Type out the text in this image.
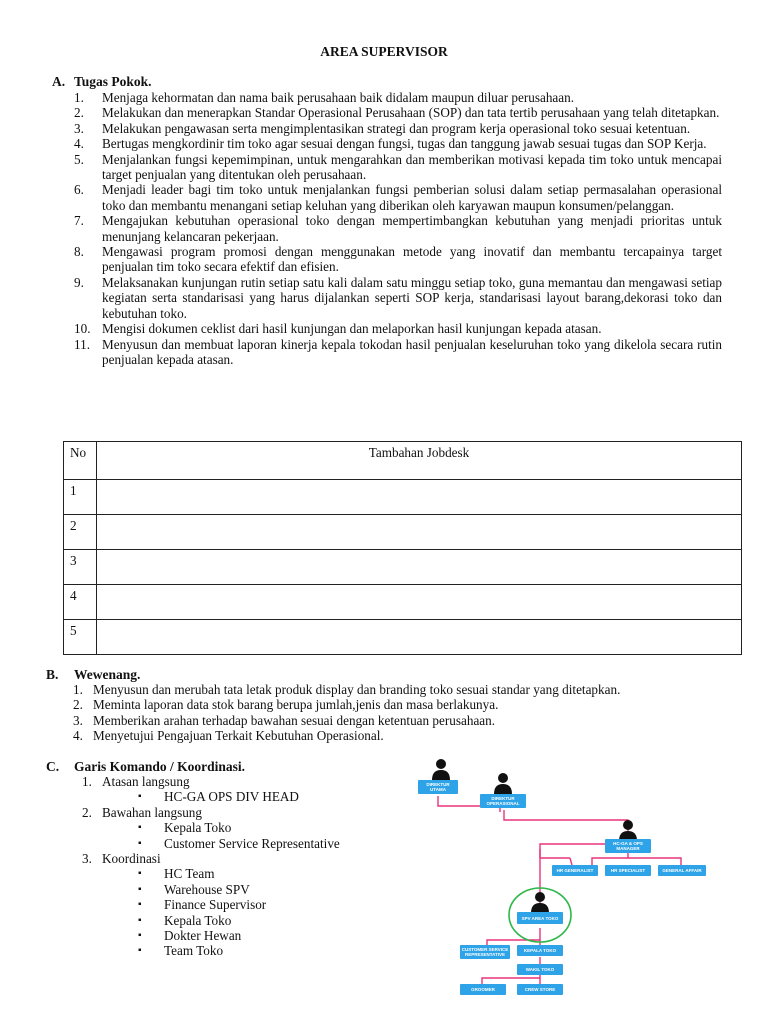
AREA SUPERVISOR
A. Tugas Pokok.
1. Menjaga kehormatan dan nama baik perusahaan baik didalam maupun diluar perusahaan.
2. Melakukan dan menerapkan Standar Operasional Perusahaan (SOP) dan tata tertib perusahaan yang telah ditetapkan.
3. Melakukan pengawasan serta mengimplentasikan strategi dan program kerja operasional toko sesuai ketentuan.
4. Bertugas mengkordinir tim toko agar sesuai dengan fungsi, tugas dan tanggung jawab sesuai tugas dan SOP Kerja.
5. Menjalankan fungsi kepemimpinan, untuk mengarahkan dan memberikan motivasi kepada tim toko untuk mencapai target penjualan yang ditentukan oleh perusahaan.
6. Menjadi leader bagi tim toko untuk menjalankan fungsi pemberian solusi dalam setiap permasalahan operasional toko dan membantu menangani setiap keluhan yang diberikan oleh karyawan maupun konsumen/pelanggan.
7. Mengajukan kebutuhan operasional toko dengan mempertimbangkan kebutuhan yang menjadi prioritas untuk menunjang kelancaran pekerjaan.
8. Mengawasi program promosi dengan menggunakan metode yang inovatif dan membantu tercapainya target penjualan tim toko secara efektif dan efisien.
9. Melaksanakan kunjungan rutin setiap satu kali dalam satu minggu setiap toko, guna memantau dan mengawasi setiap kegiatan serta standarisasi yang harus dijalankan seperti SOP kerja, standarisasi layout barang,dekorasi toko dan kebutuhan toko.
10. Mengisi dokumen ceklist dari hasil kunjungan dan melaporkan hasil kunjungan kepada atasan.
11. Menyusun dan membuat laporan kinerja kepala tokodan hasil penjualan keseluruhan toko yang dikelola secara rutin penjualan kepada atasan.
No	Tambahan Jobdesk
1	
2	
3	
4	
5	
B. Wewenang.
1. Menyusun dan merubah tata letak produk display dan branding toko sesuai standar yang ditetapkan.
2. Meminta laporan data stok barang berupa jumlah,jenis dan masa berlakunya.
3. Memberikan arahan terhadap bawahan sesuai dengan ketentuan perusahaan.
4. Menyetujui Pengajuan Terkait Kebutuhan Operasional.
C. Garis Komando / Koordinasi.
1. Atasan langsung
▪ HC-GA OPS DIV HEAD
2. Bawahan langsung
▪ Kepala Toko
▪ Customer Service Representative
3. Koordinasi
▪ HC Team
▪ Warehouse SPV
▪ Finance Supervisor
▪ Kepala Toko
▪ Dokter Hewan
▪ Team Toko
DIREKTUR UTAMA
DIREKTUR OPERASIONAL
HC-GA & OPS MANAGER
HR GENERALIST	HR SPECIALIST	GENERAL AFFAIR
SPV AREA TOKO
CUSTOMER SERVICE REPRESENTATIVE
KEPALA TOKO
WAKIL TOKO
GROOMER	CREW STORE
